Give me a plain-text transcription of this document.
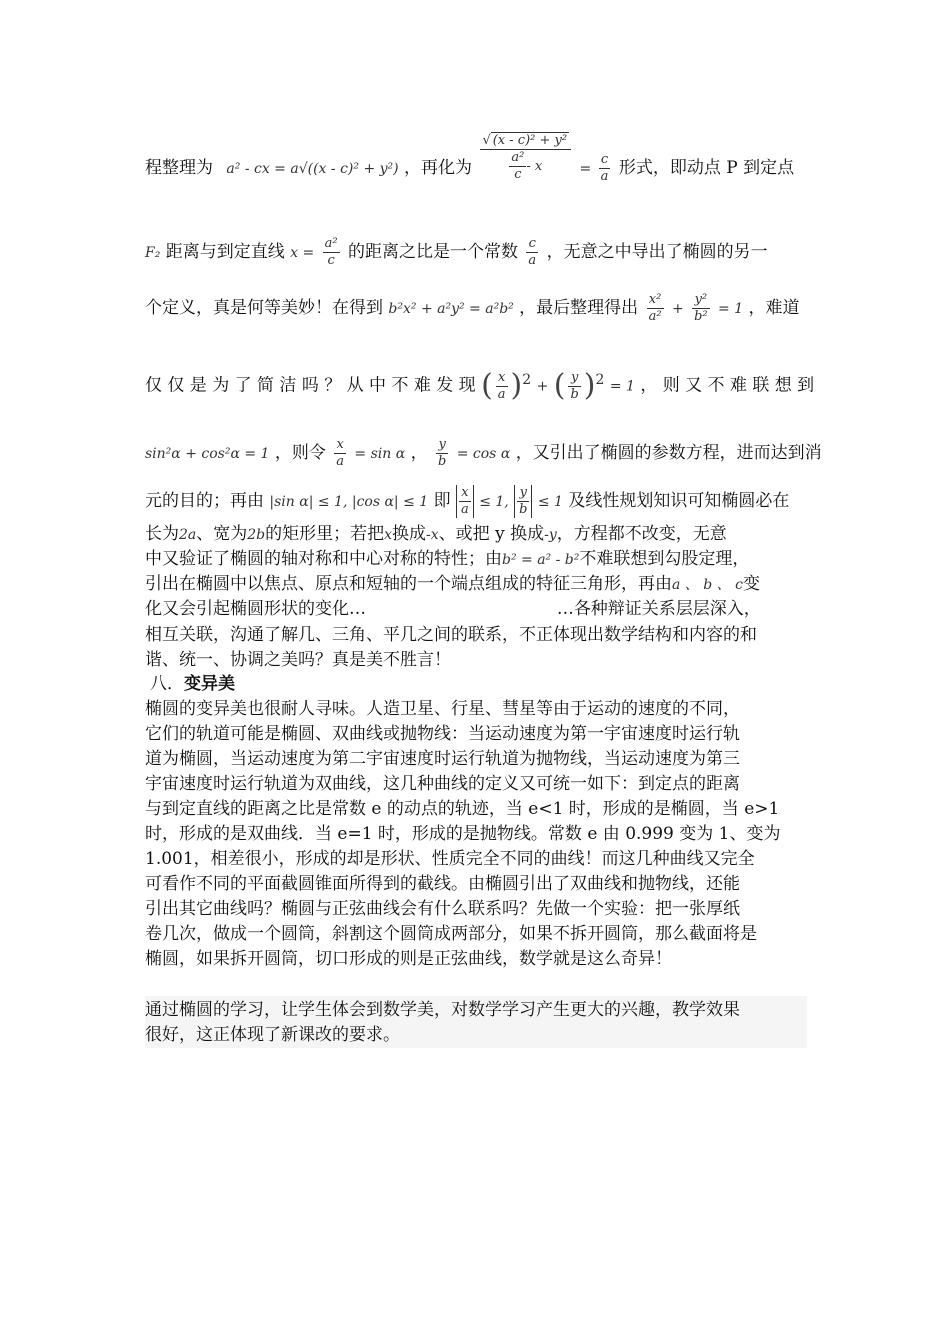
程整理为 a² - cx = a√((x - c)² + y²) ，再化为 $\frac{\text{√ (x - c)² + y²}}{\frac{\text{a²}}{c} - x} = \frac{c}{a}$ 形式，即动点 P 到定点
F₂ 距离与到定直线 $x = \frac{\text{a²}}{c}$ 的距离之比是一个常数 $\frac{c}{a}$ ，无意之中导出了椭圆的另一
个定义，真是何等美妙！在得到 b²x² + a²y² = a²b² ，最后整理得出 $\frac{\text{x²}}{\text{a²}} + \frac{\text{y²}}{\text{b²}} = 1$ ，难道
仅 仅 是 为 了 简 洁 吗 ？ 从 中 不 难 发 现 ( $\frac{x}{a} )^2$ + ( $\frac{y}{b} )^2 = 1$ ， 则 又 不 难 联 想 到
sin²α + cos²α = 1 ，则令 $\frac{x}{a} = \sin \alpha$ ， $\frac{y}{b} = \cos \alpha$ ，又引出了椭圆的参数方程，进而达到消
元的目的；再由 |sin α| ≤ 1, |cos α| ≤ 1 即 $\frac{x}{a} \le 1$, $\frac{y}{b} \le 1$ 及线性规划知识可知椭圆必在
长为2a、宽为2b的矩形里；若把x换成-x、或把 y 换成-y，方程都不改变，无意
中又验证了椭圆的轴对称和中心对称的特性；由b² = a² - b²不难联想到勾股定理，
引出在椭圆中以焦点、原点和短轴的一个端点组成的特征三角形，再由a 、 b 、 c变
化又会引起椭圆形状的变化…	…各种辩证关系层层深入，
相互关联，沟通了解几、三角、平几之间的联系，不正体现出数学结构和内容的和
谐、统一、协调之美吗？真是美不胜言！
八．变异美
椭圆的变异美也很耐人寻味。人造卫星、行星、彗星等由于运动的速度的不同，
它们的轨道可能是椭圆、双曲线或抛物线：当运动速度为第一宇宙速度时运行轨
道为椭圆，当运动速度为第二宇宙速度时运行轨道为抛物线，当运动速度为第三
宇宙速度时运行轨道为双曲线，这几种曲线的定义又可统一如下：到定点的距离
与到定直线的距离之比是常数 e 的动点的轨迹，当 e<1 时，形成的是椭圆，当 e>1
时，形成的是双曲线．当 e=1 时，形成的是抛物线。常数 e 由 0.999 变为 1、变为
1.001，相差很小，形成的却是形状、性质完全不同的曲线！而这几种曲线又完全
可看作不同的平面截圆锥面所得到的截线。由椭圆引出了双曲线和抛物线，还能
引出其它曲线吗？椭圆与正弦曲线会有什么联系吗？先做一个实验：把一张厚纸
卷几次，做成一个圆筒，斜割这个圆筒成两部分，如果不拆开圆筒，那么截面将是
椭圆，如果拆开圆筒，切口形成的则是正弦曲线，数学就是这么奇异！
通过椭圆的学习，让学生体会到数学美，对数学学习产生更大的兴趣，教学效果
很好，这正体现了新课改的要求。
